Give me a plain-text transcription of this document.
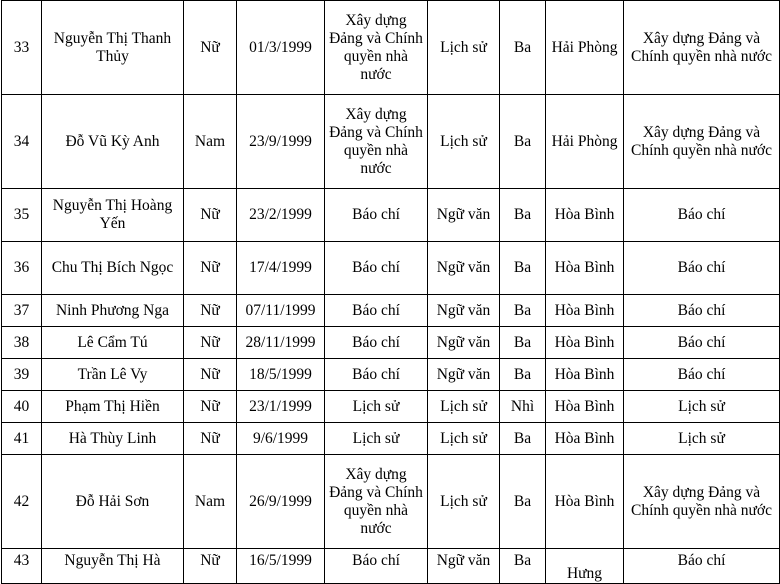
33	Nguyễn Thị Thanh Thủy	Nữ	01/3/1999	Xây dựng Đảng và Chính quyền nhà nước	Lịch sử	Ba	Hải Phòng	Xây dựng Đảng và Chính quyền nhà nước
34	Đỗ Vũ Kỳ Anh	Nam	23/9/1999	Xây dựng Đảng và Chính quyền nhà nước	Lịch sử	Ba	Hải Phòng	Xây dựng Đảng và Chính quyền nhà nước
35	Nguyễn Thị Hoàng Yến	Nữ	23/2/1999	Báo chí	Ngữ văn	Ba	Hòa Bình	Báo chí
36	Chu Thị Bích Ngọc	Nữ	17/4/1999	Báo chí	Ngữ văn	Ba	Hòa Bình	Báo chí
37	Ninh Phương Nga	Nữ	07/11/1999	Báo chí	Ngữ văn	Ba	Hòa Bình	Báo chí
38	Lê Cẩm Tú	Nữ	28/11/1999	Báo chí	Ngữ văn	Ba	Hòa Bình	Báo chí
39	Trần Lê Vy	Nữ	18/5/1999	Báo chí	Ngữ văn	Ba	Hòa Bình	Báo chí
40	Phạm Thị Hiền	Nữ	23/1/1999	Lịch sử	Lịch sử	Nhì	Hòa Bình	Lịch sử
41	Hà Thùy Linh	Nữ	9/6/1999	Lịch sử	Lịch sử	Ba	Hòa Bình	Lịch sử
42	Đỗ Hải Sơn	Nam	26/9/1999	Xây dựng Đảng và Chính quyền nhà nước	Lịch sử	Ba	Hòa Bình	Xây dựng Đảng và Chính quyền nhà nước
43	Nguyễn Thị Hà	Nữ	16/5/1999	Báo chí	Ngữ văn	Ba	Hưng	Báo chí
